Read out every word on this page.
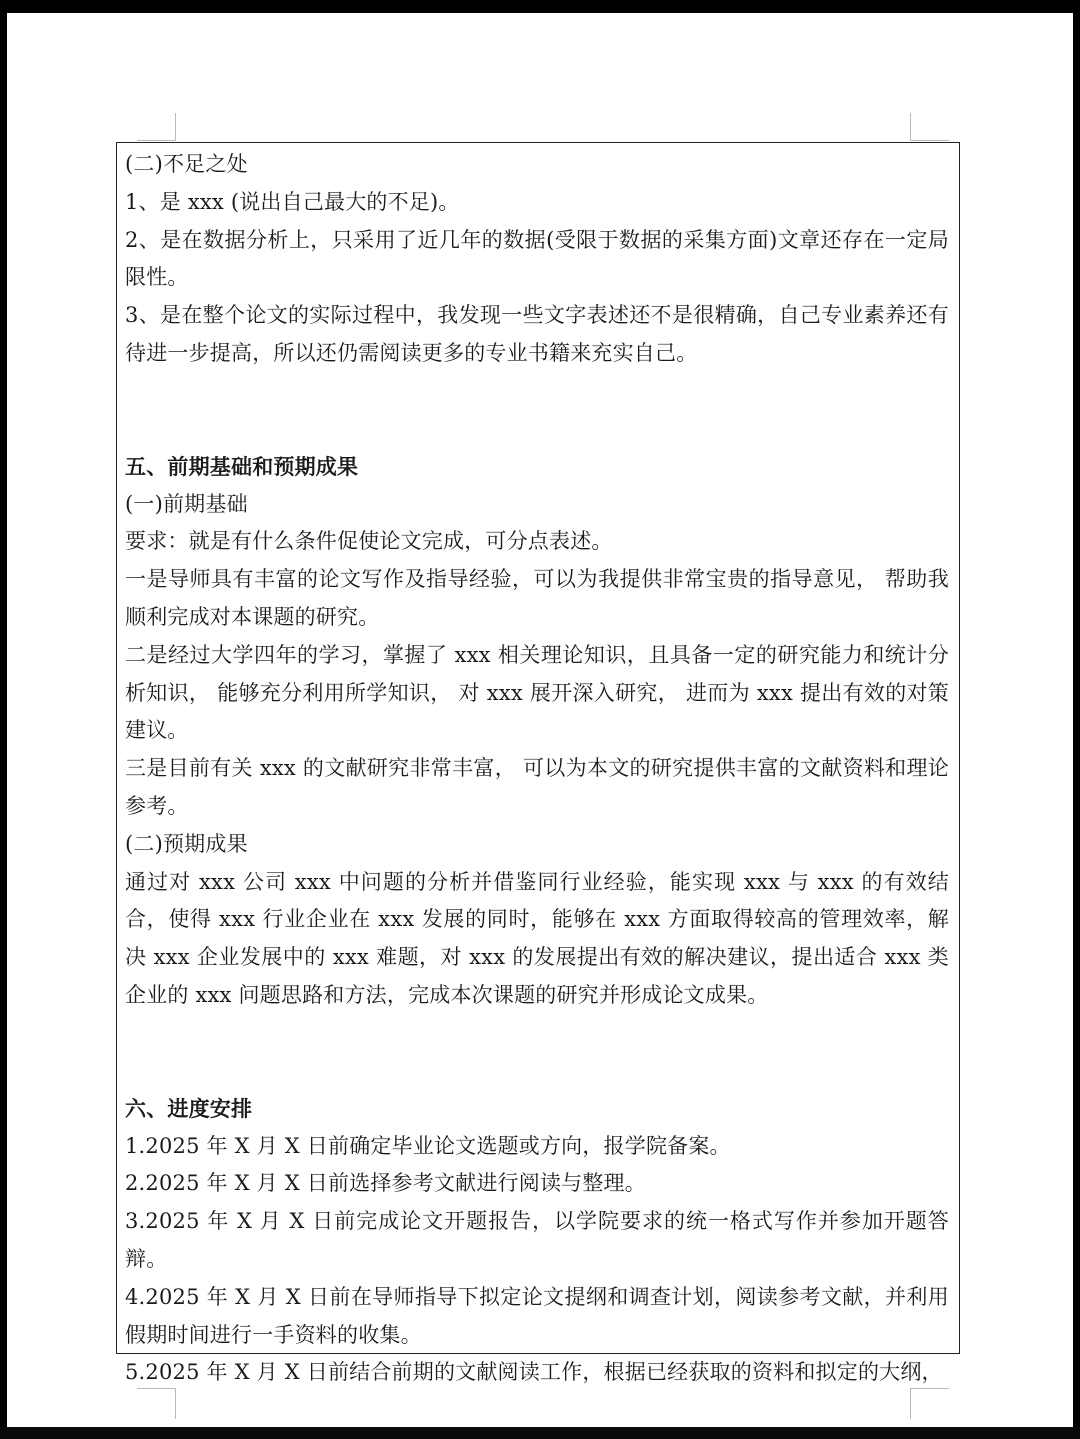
(二)不足之处

1、是 xxx (说出自己最大的不足)。

2、是在数据分析上，只采用了近几年的数据(受限于数据的采集方面)文章还存在一定局限性。

3、是在整个论文的实际过程中，我发现一些文字表述还不是很精确，自己专业素养还有待进一步提高，所以还仍需阅读更多的专业书籍来充实自己。

五、前期基础和预期成果

(一)前期基础

要求：就是有什么条件促使论文完成，可分点表述。

一是导师具有丰富的论文写作及指导经验，可以为我提供非常宝贵的指导意见， 帮助我顺利完成对本课题的研究。

二是经过大学四年的学习，掌握了 xxx 相关理论知识，且具备一定的研究能力和统计分析知识， 能够充分利用所学知识， 对 xxx 展开深入研究， 进而为 xxx 提出有效的对策建议。

三是目前有关 xxx 的文献研究非常丰富， 可以为本文的研究提供丰富的文献资料和理论参考。

(二)预期成果

通过对 xxx 公司 xxx 中问题的分析并借鉴同行业经验，能实现 xxx 与 xxx 的有效结合，使得 xxx 行业企业在 xxx 发展的同时，能够在 xxx 方面取得较高的管理效率，解决 xxx 企业发展中的 xxx 难题，对 xxx 的发展提出有效的解决建议，提出适合 xxx 类企业的 xxx 问题思路和方法，完成本次课题的研究并形成论文成果。

六、进度安排

1.2025 年 X 月 X 日前确定毕业论文选题或方向，报学院备案。

2.2025 年 X 月 X 日前选择参考文献进行阅读与整理。

3.2025 年 X 月 X 日前完成论文开题报告，以学院要求的统一格式写作并参加开题答辩。

4.2025 年 X 月 X 日前在导师指导下拟定论文提纲和调查计划，阅读参考文献，并利用假期时间进行一手资料的收集。

5.2025 年 X 月 X 日前结合前期的文献阅读工作，根据已经获取的资料和拟定的大纲，
